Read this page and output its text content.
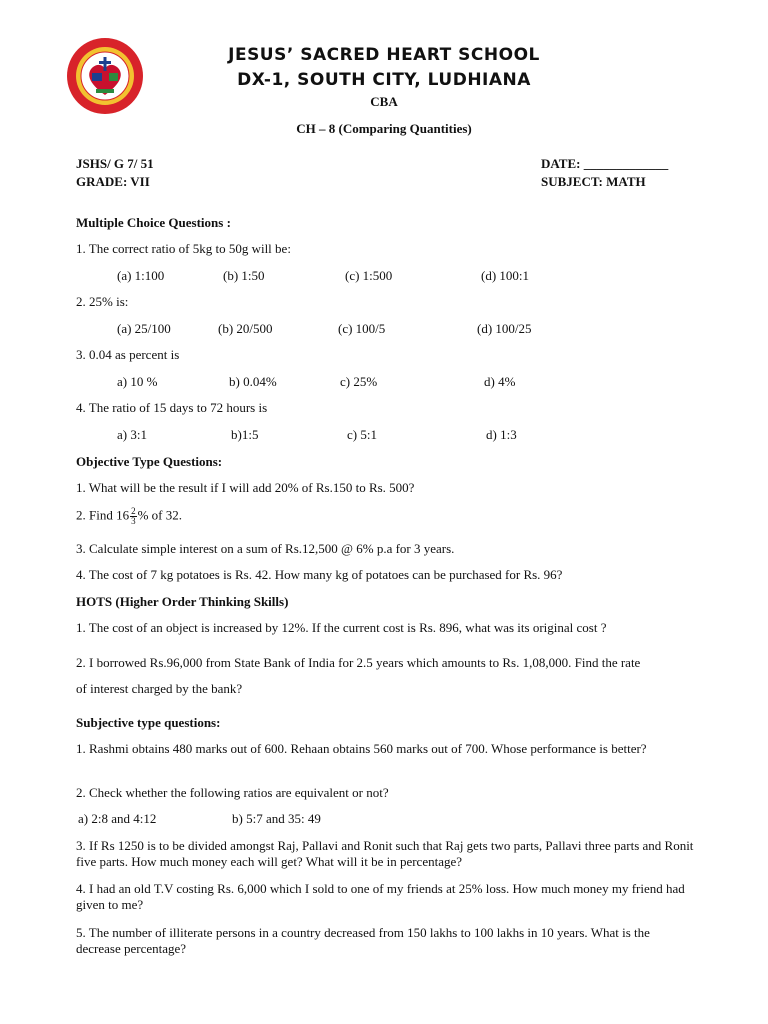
JESUS’ SACRED HEART SCHOOL
DX-1, SOUTH CITY, LUDHIANA
CBA
CH – 8 (Comparing Quantities)
JSHS/ G 7/ 51
GRADE: VII
DATE: _____________
SUBJECT: MATH
Multiple Choice Questions :
1. The correct ratio of 5kg to 50g will be:
(a) 1:100	(b) 1:50	(c) 1:500	(d) 100:1
2. 25% is:
(a) 25/100	(b) 20/500	(c) 100/5	(d) 100/25
3. 0.04 as percent is
a) 10 %	b) 0.04%	c) 25%	d) 4%
4. The ratio of 15 days to 72 hours is
a) 3:1	b)1:5	c) 5:1	d) 1:3
Objective Type Questions:
1. What will be the result if I will add 20% of Rs.150 to Rs. 500?
2. Find $16 \frac{2}{3}$ % of 32.
3. Calculate simple interest on a sum of Rs.12,500 @ 6% p.a for 3 years.
4. The cost of 7 kg potatoes is Rs. 42. How many kg of potatoes can be purchased for Rs. 96?
HOTS (Higher Order Thinking Skills)
1. The cost of an object is increased by 12%. If the current cost is Rs. 896, what was its original cost ?
2. I borrowed Rs.96,000 from State Bank of India for 2.5 years which amounts to Rs. 1,08,000. Find the rate
of interest charged by the bank?
Subjective type questions:
1. Rashmi obtains 480 marks out of 600. Rehaan obtains 560 marks out of 700. Whose performance is better?
2. Check whether the following ratios are equivalent or not?
a) 2:8 and 4:12	b) 5:7 and 35: 49
3. If Rs 1250 is to be divided amongst Raj, Pallavi and Ronit such that Raj gets two parts, Pallavi three parts and Ronit five parts. How much money each will get? What will it be in percentage?
4. I had an old T.V costing Rs. 6,000 which I sold to one of my friends at 25% loss. How much money my friend had given to me?
5. The number of illiterate persons in a country decreased from 150 lakhs to 100 lakhs in 10 years. What is the decrease percentage?
